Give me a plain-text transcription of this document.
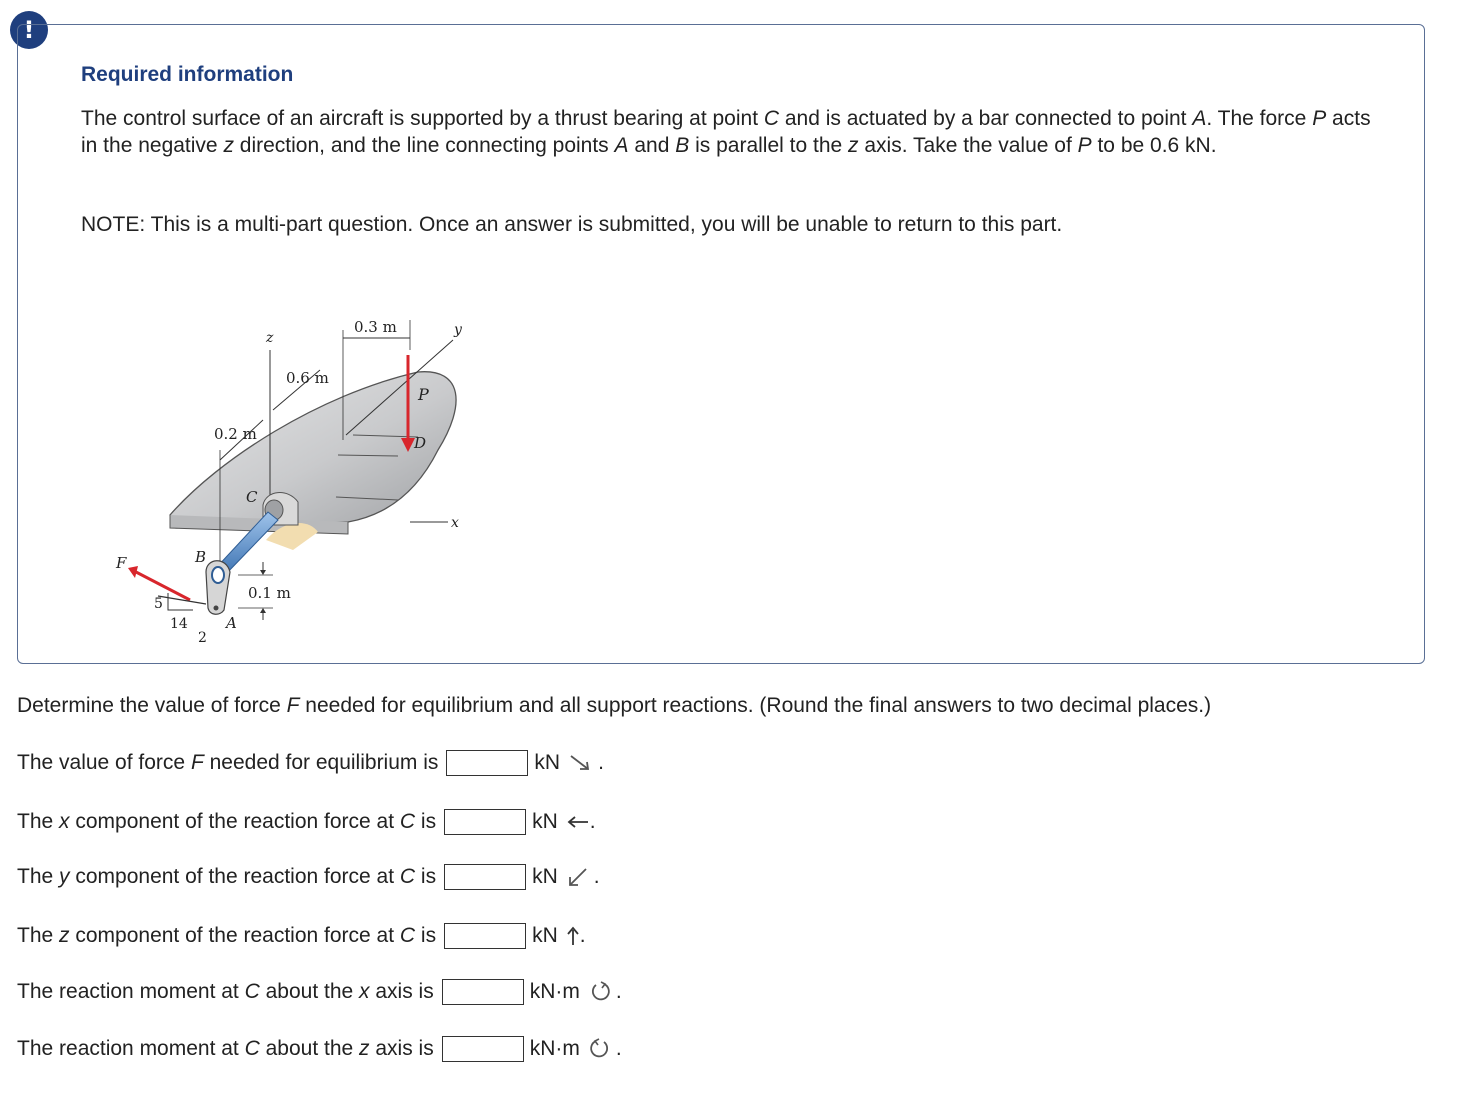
!
Required information

The control surface of an aircraft is supported by a thrust bearing at point C and is actuated by a bar connected to point A. The force P acts in the negative z direction, and the line connecting points A and B is parallel to the z axis. Take the value of P to be 0.6 kN.

NOTE: This is a multi-part question. Once an answer is submitted, you will be unable to return to this part.

y
x
z
0.3 m
0.6 m
0.2 m
P
D
C
B
A
0.1 m
F
5
14
2

Determine the value of force F needed for equilibrium and all support reactions. (Round the final answers to two decimal places.)

The value of force F needed for equilibrium is	kN .
The x component of the reaction force at C is	kN .
The y component of the reaction force at C is	kN .
The z component of the reaction force at C is	kN .
The reaction moment at C about the x axis is	kN·m .
The reaction moment at C about the z axis is	kN·m .
